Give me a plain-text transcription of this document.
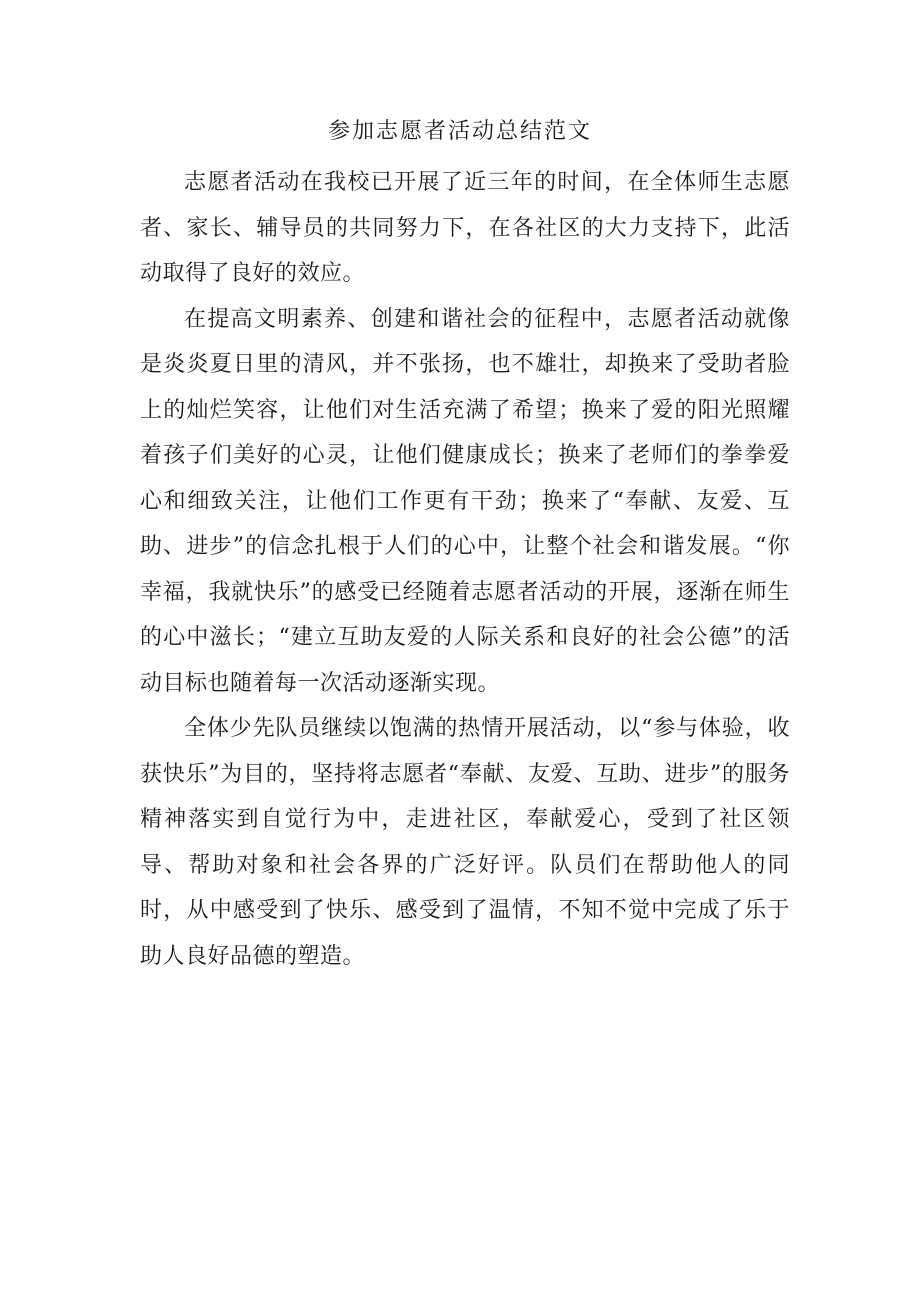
参加志愿者活动总结范文

志愿者活动在我校已开展了近三年的时间，在全体师生志愿者、家长、辅导员的共同努力下，在各社区的大力支持下，此活动取得了良好的效应。

在提高文明素养、创建和谐社会的征程中，志愿者活动就像是炎炎夏日里的清风，并不张扬，也不雄壮，却换来了受助者脸上的灿烂笑容，让他们对生活充满了希望；换来了爱的阳光照耀着孩子们美好的心灵，让他们健康成长；换来了老师们的拳拳爱心和细致关注，让他们工作更有干劲；换来了“奉献、友爱、互助、进步”的信念扎根于人们的心中，让整个社会和谐发展。“你幸福，我就快乐”的感受已经随着志愿者活动的开展，逐渐在师生的心中滋长；“建立互助友爱的人际关系和良好的社会公德”的活动目标也随着每一次活动逐渐实现。

全体少先队员继续以饱满的热情开展活动，以“参与体验，收获快乐”为目的，坚持将志愿者“奉献、友爱、互助、进步”的服务精神落实到自觉行为中，走进社区，奉献爱心，受到了社区领导、帮助对象和社会各界的广泛好评。队员们在帮助他人的同时，从中感受到了快乐、感受到了温情，不知不觉中完成了乐于助人良好品德的塑造。
